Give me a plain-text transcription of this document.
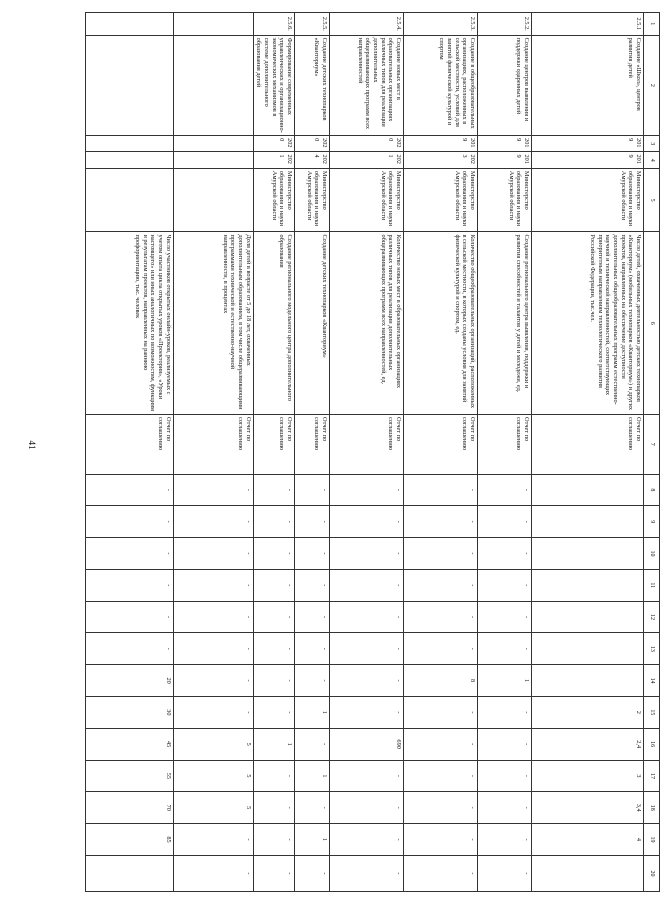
41
1	2	3	4	5	6	7	8	9	10	11	12	13	14	15	16	17	18	19	20
2.5.1	Создание «Школ», центров развития детей	2019	2019	Министерство образования и науки Амурской области	Число детей, охваченных деятельностью детских технопарков «Кванториум» (мобильных технопарков «Кванториум») и других проектов, направленных на обеспечение доступности дополнительных общеобразовательных программ естественно-научной и технической направленностей, соответствующих приоритетным направлениям технологического развития Российской Федерации, тыс.чел.	Отчет по соглашению								2	2,4	3	3,4	4	
2.5.2.	Создание центров выявления и поддержки одаренных детей	2019	2019	Министерство образования и науки Амурской области	Создание регионального центра выявления, поддержки и развития способностей и талантов у детей и молодежи, ед.	Отчет по соглашению	-	-	-	-	-	-	1	-	-	-	-	-	-
2.5.3.	Создание в общеобразовательных организациях, расположенных в сельской местности, условий для занятий физической культурой и спортом	2019	2023	Министерство образования и науки Амурской области	Количество общеобразовательных организаций, расположенных в сельской местности, в которых созданы условия для занятий физической культурой и спортом, ед.	Отчет по соглашению	-	-	-	-	-	-	8	-	-	-	-	-	-
2.5.4.	Создание новых мест в образовательных организациях различных типов для реализации дополнительных общеразвивающих программ всех направленностей	2020	2021	Министерство образования и науки Амурской области	Количество новых мест в образовательных организациях различных типов для реализации дополнительных общеразвивающих программ всех направленностей, ед.	Отчет по соглашению	-	-	-	-	-	-	-	-	690	-	-	-	-
2.5.5.	Создание детских технопарков «Кванториум»	2020	2024	Министерство образования и науки Амурской области	Создание детских технопарков «Кванториум»	Отчет по соглашению	-	-	-	-	-	-	-	1	-	1	-	1	-
2.5.6.	Формирование современных управленческих и организационно-экономических механизмов в системе дополнительного образования детей	2020	2021	Министерство образования и науки Амурской области	Создание регионального модельного центра дополнительного образования	Отчет по соглашению	-	-	-	-	-	-	-	-	1	-	-	-	-
					Доля детей в возрасте от 5 до 18 лет, охваченных дополнительным образованием, в том числе общеразвивающими программами технической и естественно-научной направленности, в процентах	Отчет по соглашению	-	-	-	-	-	-	-	-	5	5	5	-	-
					Число участников открытых онлайн-уроков, реализуемых с учетом опыта цикла открытых уроков «Проектория», «Уроки настоящего» или иных аналогичных по возможностям, функциям и результатам проектов, направленных на раннюю профориентацию, тыс. человек	Отчет по соглашению	-	-	-	-	-	-	20	30	45	55	70	85	
